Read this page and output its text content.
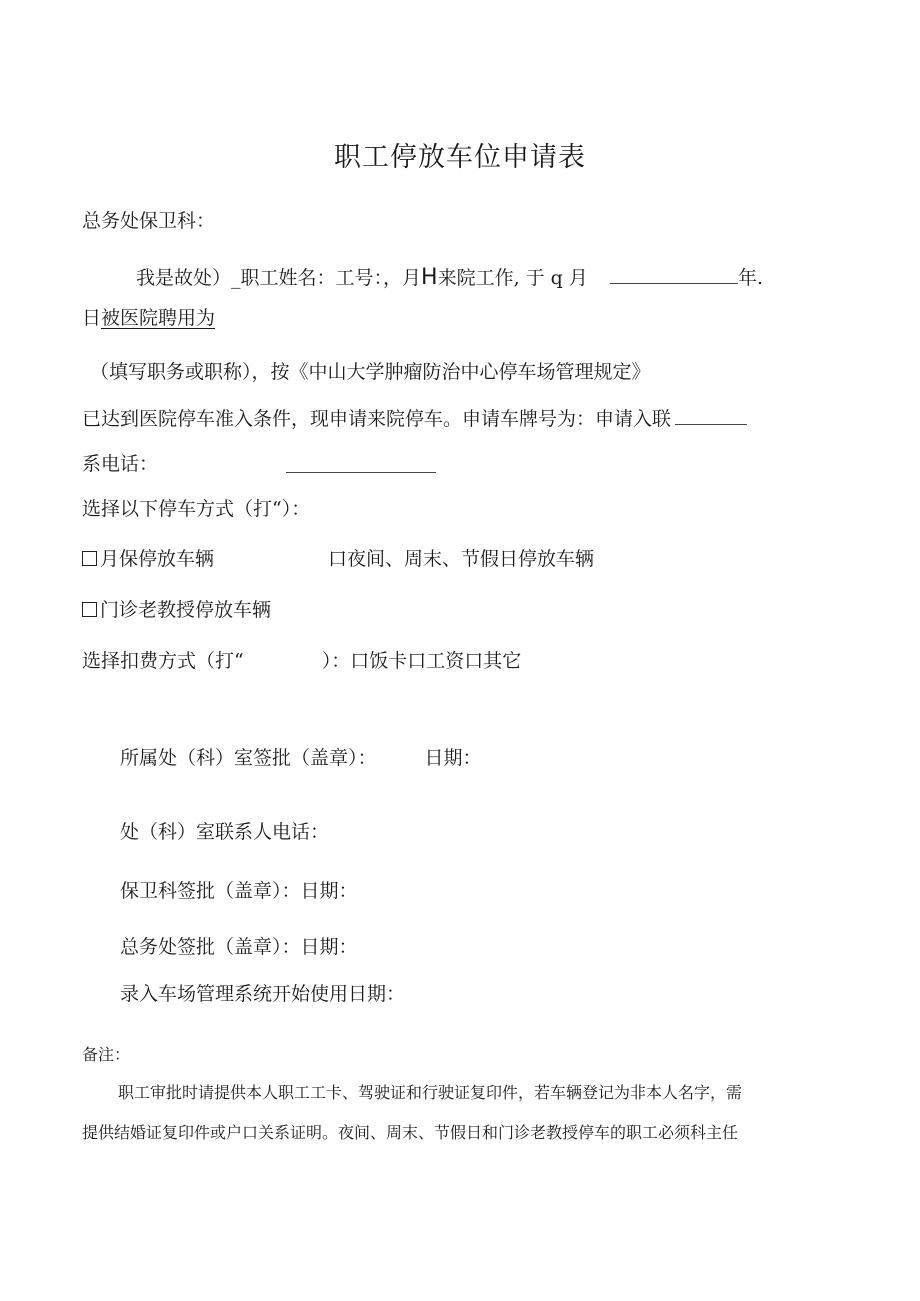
职工停放车位申请表
总务处保卫科：
我是故处）_职工姓名：工号：，月H来院工作, 于 q 月	年.
日被医院聘用为
（填写职务或职称），按《中山大学肿瘤防治中心停车场管理规定》
已达到医院停车准入条件，现申请来院停车。申请车牌号为：申请入联
系电话：
选择以下停车方式（打“）：
月保停放车辆	口夜间、周末、节假日停放车辆
门诊老教授停放车辆
选择扣费方式（打“	）：口饭卡口工资口其它
所属处（科）室签批（盖章）：	日期：
处（科）室联系人电话：
保卫科签批（盖章）：日期：
总务处签批（盖章）：日期：
录入车场管理系统开始使用日期：
备注：
职工审批时请提供本人职工工卡、驾驶证和行驶证复印件，若车辆登记为非本人名字，需
提供结婚证复印件或户口关系证明。夜间、周末、节假日和门诊老教授停车的职工必须科主任
